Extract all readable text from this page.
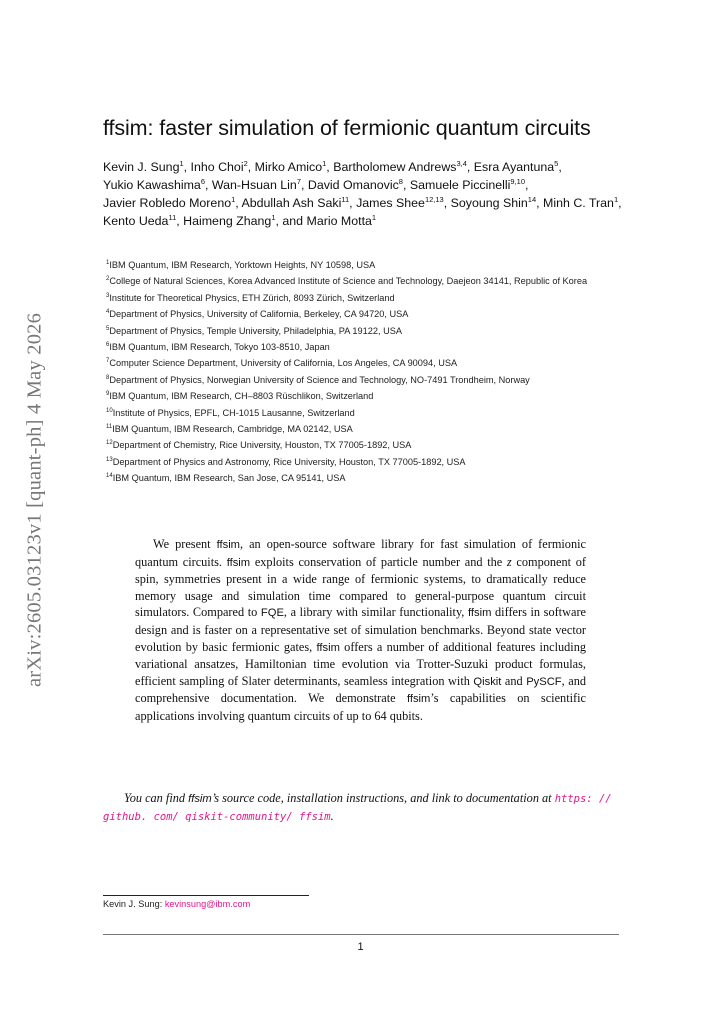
arXiv:2605.03123v1 [quant-ph] 4 May 2026
ffsim: faster simulation of fermionic quantum circuits
Kevin J. Sung$^1$, Inho Choi$^2$, Mirko Amico$^1$, Bartholomew Andrews$^{3,4}$, Esra Ayantuna$^5$, Yukio Kawashima$^6$, Wan-Hsuan Lin$^7$, David Omanovic$^8$, Samuele Piccinelli$^{9,10}$, Javier Robledo Moreno$^1$, Abdullah Ash Saki$^{11}$, James Shee$^{12,13}$, Soyoung Shin$^{14}$, Minh C. Tran$^1$, Kento Ueda$^{11}$, Haimeng Zhang$^1$, and Mario Motta$^1$

$^1$IBM Quantum, IBM Research, Yorktown Heights, NY 10598, USA

$^2$College of Natural Sciences, Korea Advanced Institute of Science and Technology, Daejeon 34141, Republic of Korea

$^3$Institute for Theoretical Physics, ETH Zürich, 8093 Zürich, Switzerland

$^4$Department of Physics, University of California, Berkeley, CA 94720, USA

$^5$Department of Physics, Temple University, Philadelphia, PA 19122, USA

$^6$IBM Quantum, IBM Research, Tokyo 103-8510, Japan

$^7$Computer Science Department, University of California, Los Angeles, CA 90094, USA

$^8$Department of Physics, Norwegian University of Science and Technology, NO-7491 Trondheim, Norway

$^9$IBM Quantum, IBM Research, CH–8803 Rüschlikon, Switzerland

$^{10}$Institute of Physics, EPFL, CH-1015 Lausanne, Switzerland

$^{11}$IBM Quantum, IBM Research, Cambridge, MA 02142, USA

$^{12}$Department of Chemistry, Rice University, Houston, TX 77005-1892, USA

$^{13}$Department of Physics and Astronomy, Rice University, Houston, TX 77005-1892, USA

$^{14}$IBM Quantum, IBM Research, San Jose, CA 95141, USA

We present ffsim, an open-source software library for fast simulation of fermionic quantum circuits. ffsim exploits conservation of particle number and the z component of spin, symmetries present in a wide range of fermionic systems, to dramatically reduce memory usage and simulation time compared to general-purpose quantum circuit simulators. Compared to FQE, a library with similar functionality, ffsim differs in software design and is faster on a representative set of simulation benchmarks. Beyond state vector evolution by basic fermionic gates, ffsim offers a number of additional features including variational ansatzes, Hamiltonian time evolution via Trotter-Suzuki product formulas, efficient sampling of Slater determinants, seamless integration with Qiskit and PySCF, and comprehensive documentation. We demonstrate ffsim’s capabilities on scientific applications involving quantum circuits of up to 64 qubits.

You can find ffsim’s source code, installation instructions, and link to documentation at https: // github. com/ qiskit-community/ ffsim.

Kevin J. Sung: kevinsung@ibm.com
1
